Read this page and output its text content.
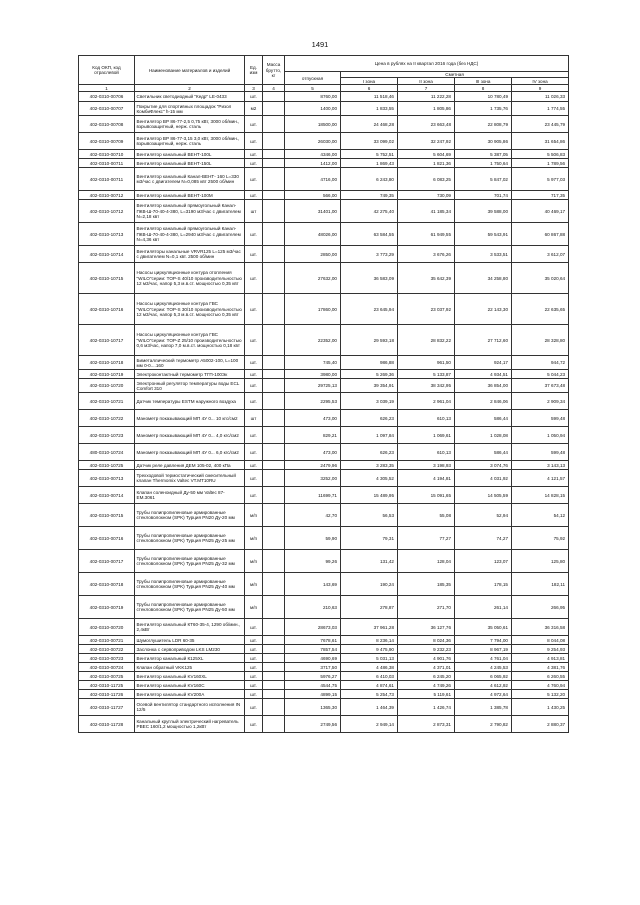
1491
Код ОКП, код отраслевой	Наименование материалов и изделий	Ед. изм	Масса брутто, кг	Цена в рублях на II квартал 2016 года (без НДС)				
				отпускная	Сметная			
					I зона	II зона	III зона	IV зона
1	2	3	4	5	6	7	8	9
402-0310-00706	Светильник светодиодный "Кедр" LE-0433	шт.		8760,00	11 518,46	11 222,28	10 780,49	11 026,33
402-0310-00707	Покрытие для спортивных площадок "Ризол КомбиФлекс" h-15 мм	м2		1400,00	1 833,55	1 805,86	1 735,76	1 774,55
402-0310-00708	Вентилятор ВР 86-77-2,5 0,75 кВт, 3000 об/мин., взрывозащитный, нерж. сталь	шт.		18500,00	24 468,28	23 663,48	22 808,79	23 445,79
402-0310-00709	Вентилятор ВР 86-77-3,15 3,0 кВт, 3000 об/мин., взрывозащитный, нерж. сталь	шт.		26030,00	33 099,02	32 247,92	30 905,86	31 654,86
402-0310-00710	Вентилятор канальный ВЕНТ-100L	шт.		4346,00	5 752,51	5 604,69	5 387,05	5 506,83
402-0310-00711	Вентилятор канальный ВЕНТ-150L	шт.		1412,00	1 869,43	1 821,36	1 750,64	1 789,56
402-0310-00711	Вентилятор канальный Канал-ВЕНТ- 160 L=330 м3/час с двигателем N=0,085 квт 2500 об/мин	шт.		4716,00	6 243,80	6 083,25	5 847,02	5 977,03
402-0310-00712	Вентилятор канальный ВЕНТ-100М	шт.		566,00	749,35	730,09	701,74	717,35
402-0310-10712	Вентилятор канальный прямоугольный Канал-ПКВ-Ш-70-40-4-380, L=3190 м3/час с двигателем N=2,18 квт	шт		31401,00	42 275,40	41 185,34	39 588,00	40 469,17
402-0310-10713	Вентилятор канальный прямоугольный Канал-ПКВ-Ш-70-40-4-380, L=2940 м3/час с двигателем N=4,36 квт	шт.		48026,00	63 584,55	61 949,55	59 543,91	60 867,88
402-0310-10714	Вентиляторы канальные VRVR125 L=125 м3/час с двигателем N=0,1 квт. 2500 об/мин	шт.		2850,00	3 773,29	3 676,26	3 533,51	3 612,07
402-0310-10715	Насосы циркуляционные контура отопления "WILO"серии: TOP-S 40/10 производительностью 12 м3/час, напор 5,3 м.в.ст. мощностью 0,35 квт	шт.		27632,00	36 583,09	35 642,39	34 258,80	35 020,64
402-0310-10716	Насосы циркуляционные контура ГВС "WILO"серии: TOP-S 30/10 производительностью 12 м3/час, напор 5,3 м.в.ст. мощностью 0,35 квт	шт.		17860,00	23 645,94	23 037,92	22 143,30	22 635,65
402-0310-10717	Насосы циркуляционные контура ГВС "WILO"серии: TOP-Z 25/10 производительностью 0,6 м3/час, напор 7,0 м.в.ст. мощностью 0,18 квт	шт.		22352,00	29 593,18	28 832,22	27 712,60	28 328,80
402-0310-10718	Биметаллический термометр A5002-100, L=100 мм 0-0....160	шт.		745,40	986,88	961,50	924,17	944,72
402-0310-10719	Электроконтактный термометр ТГП-100Эк	шт.		3980,00	5 269,36	5 133,87	4 934,51	5 044,23
402-0310-10720	Электронный регулятор температуры воды ECL Comfort 310	шт.		29725,13	39 354,91	38 342,95	36 854,00	37 673,48
402-0310-10721	Датчик температуры ESTM наружного воздуха	шт.		2295,53	3 039,19	2 961,04	2 846,06	2 909,34
402-0310-10722	Манометр показывающий МП 4У 0... 10 кгс/см2	шт		473,00	626,23	610,13	586,44	599,48
402-0310-10723	Манометр показывающий МП 4У 0... 4,0 кгс/см2	шт.		829,21	1 097,84	1 069,61	1 028,08	1 050,94
480-0310-10724	Манометр показывающий МП 4У 0... 6,0 кгс/см2	шт.		473,00	626,23	610,13	586,44	599,48
402-0310-10725	Датчик реле давления ДЕМ 105-02, 400 кПа	шт.		2479,96	3 283,35	3 198,93	3 074,76	3 143,13
402-0310-00713	Трехходовой термостатический смесительный клапан Thermomix Valtec VT.MT10RU	шт.		3252,00	4 305,52	4 194,81	4 031,92	4 121,57
402-0310-00714	Клапан соленоидный Ду-50 мм Valtec 87-EM.3061	шт.		11699,71	15 489,95	15 091,65	14 505,59	14 828,15
402-0310-00715	Трубы полипропиленовые армированные стекловолокном (SPK) Турция PN20 Ду-20 мм	м/п		42,70	56,53	55,08	52,94	54,12
402-0310-00716	Трубы полипропиленовые армированные стекловолокном (SPK) Турция PN25 Ду-25 мм	м/п		59,90	79,31	77,27	74,27	75,92
402-0310-00717	Трубы полипропиленовые армированные стекловолокном (SPK) Турция PN25 Ду-32 мм	м/п		99,26	131,42	128,04	123,07	125,80
402-0310-00718	Трубы полипропиленовые армированные стекловолокном (SPK) Турция PN25 Ду-40 мм	м/п		143,69	190,24	185,35	178,15	182,11
402-0310-00719	Трубы полипропиленовые армированные стекловолокном (SPK) Турция PN25 Ду-50 мм	м/п		210,63	278,87	271,70	261,14	266,95
402-0310-00720	Вентилятор канальный КТ60-35-4, 1290 об/мин., 2,4кВт	шт.		28673,03	37 961,28	36 127,76	35 050,61	36 316,58
402-0310-00721	Шумоглушитель LDR 60-35	шт.		7678,61	8 236,14	8 024,36	7 794,00	8 044,08
402-0310-00722	Заслонка с сервоприводом LKS LM230	шт.		7857,54	9 475,90	9 232,23	8 967,19	9 254,93
402-0310-00723	Вентилятор канальный К125XL	шт.		4690,69	5 031,13	4 901,76	4 761,04	4 913,81
402-0310-00724	Клапан обратный VKK125	шт.		3717,50	4 486,38	4 371,01	4 245,53	4 381,76
402-0310-00725	Вентилятор канальный KV160XL	шт.		5976,27	6 410,03	6 245,20	6 065,92	6 260,55
402-0310-11725	Вентилятор канальный KV160С	шт.		4544,75	4 874,61	4 749,26	4 612,92	4 760,94
402-0310-11726	Вентилятор канальный KV200А	шт.		4899,15	5 254,73	5 119,61	4 972,64	5 132,20
402-0310-11727	Осевой вентилятор стандартного исполнения IN 12/5	шт.		1365,30	1 464,39	1 426,74	1 385,78	1 430,25
402-0310-11728	Канальный круглый электрический нагреватель PBEC 160/1,2 мощностью 1,2кВт	шт.		2749,56	2 949,14	2 873,31	2 790,82	2 880,37
